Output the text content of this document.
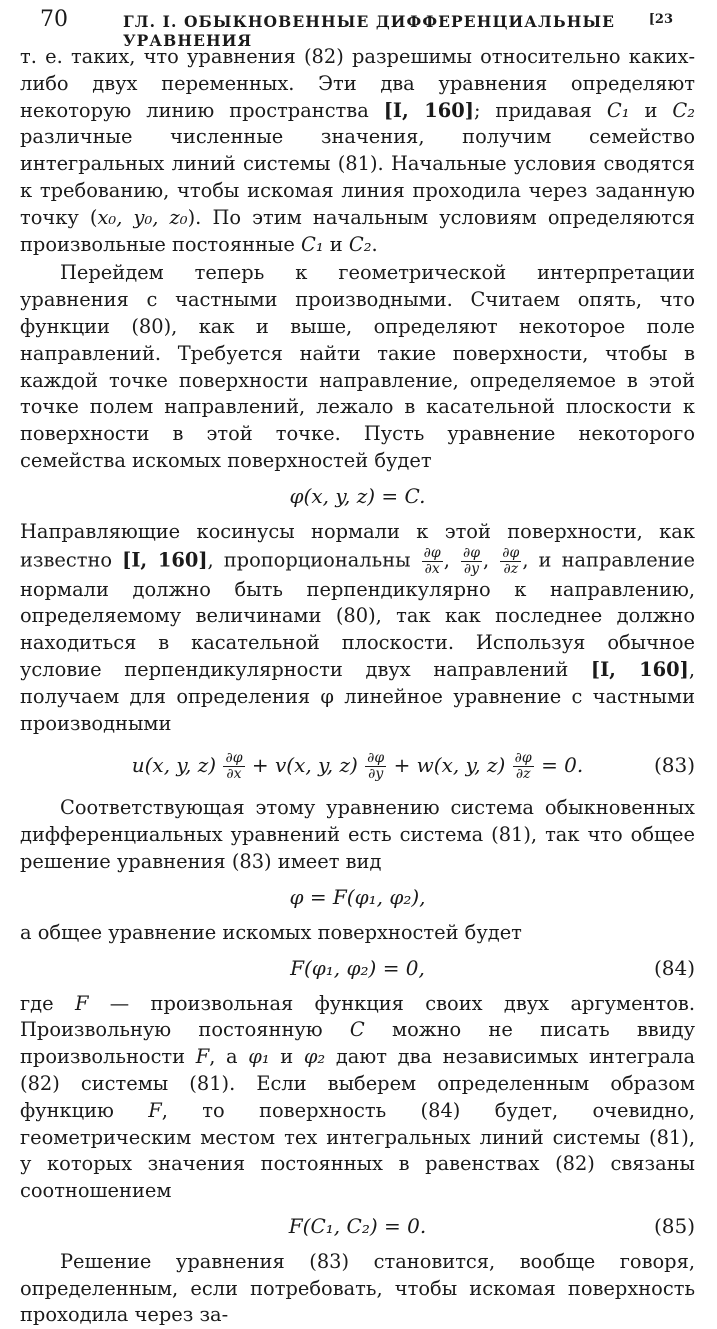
70	ГЛ. I. ОБЫКНОВЕННЫЕ ДИФФЕРЕНЦИАЛЬНЫЕ УРАВНЕНИЯ
[23

т. е. таких, что уравнения (82) разрешимы относительно каких-либо двух переменных. Эти два уравнения определяют некоторую линию пространства [I, 160]; придавая C₁ и C₂ различные численные значения, получим семейство интегральных линий системы (81). Начальные условия сводятся к требованию, чтобы искомая линия проходила через заданную точку (x₀, y₀, z₀). По этим начальным условиям определяются произвольные постоянные C₁ и C₂.

Перейдем теперь к геометрической интерпретации уравнения с частными производными. Считаем опять, что функции (80), как и выше, определяют некоторое поле направлений. Требуется найти такие поверхности, чтобы в каждой точке поверхности направление, определяемое в этой точке полем направлений, лежало в касательной плоскости к поверхности в этой точке. Пусть уравнение некоторого семейства искомых поверхностей будет

φ(x, y, z) = C.

Направляющие косинусы нормали к этой поверхности, как известно [I, 160], пропорциональны $\frac{\partial\varphi}{\partial x}$ , $\frac{\partial\varphi}{\partial y}$ , $\frac{\partial\varphi}{\partial z}$ , и направление нормали должно быть перпендикулярно к направлению, определяемому величинами (80), так как последнее должно находиться в касательной плоскости. Используя обычное условие перпендикулярности двух направлений [I, 160], получаем для определения φ линейное уравнение с частными производными

u(x, y, $z) \frac{\partial\varphi}{\partial x} + v(x$, y, $z) \frac{\partial\varphi}{\partial y} + w(x$, y, $z) \frac{\partial\varphi}{\partial z} = 0$.	(83)

Соответствующая этому уравнению система обыкновенных дифференциальных уравнений есть система (81), так что общее решение уравнения (83) имеет вид

φ = F(φ₁, φ₂),

а общее уравнение искомых поверхностей будет

F(φ₁, φ₂) = 0,	(84)

где F — произвольная функция своих двух аргументов. Произвольную постоянную C можно не писать ввиду произвольности F, а φ₁ и φ₂ дают два независимых интеграла (82) системы (81). Если выберем определенным образом функцию F, то поверхность (84) будет, очевидно, геометрическим местом тех интегральных линий системы (81), у которых значения постоянных в равенствах (82) связаны соотношением

F(C₁, C₂) = 0.	(85)

Решение уравнения (83) становится, вообще говоря, определенным, если потребовать, чтобы искомая поверхность проходила через за-
